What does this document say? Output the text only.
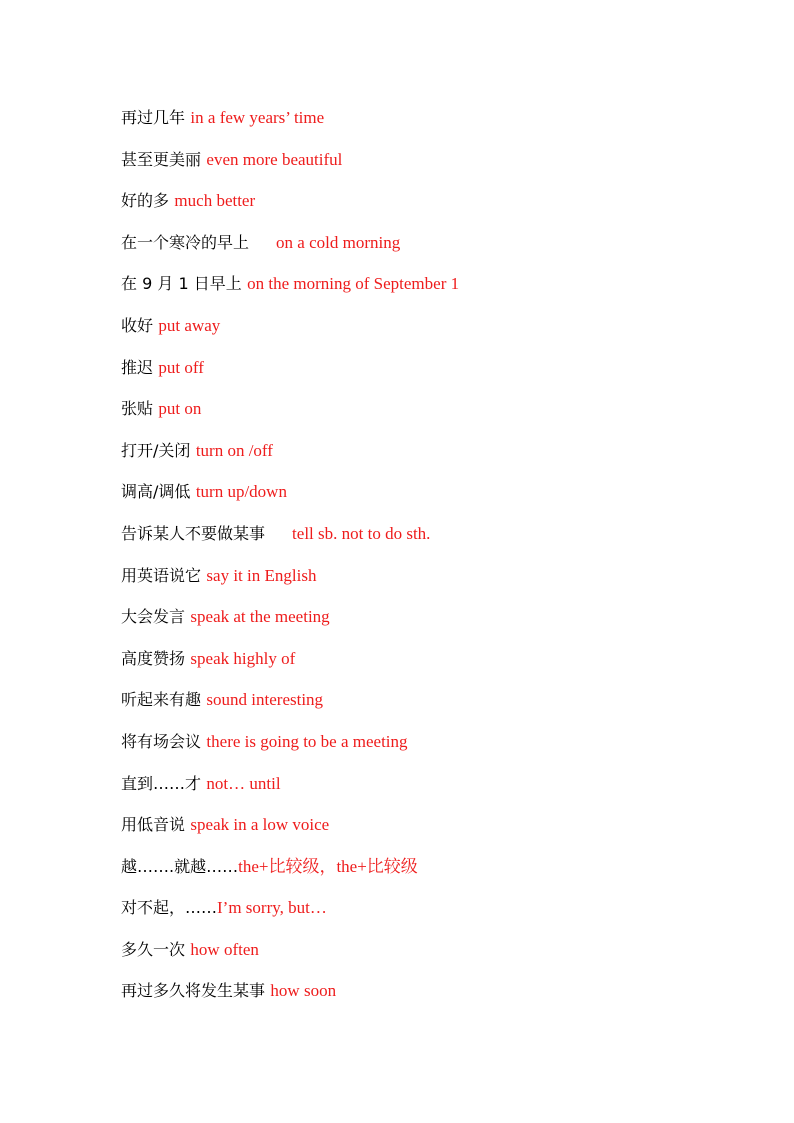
再过几年 in a few years’ time
甚至更美丽 even more beautiful
好的多 much better
在一个寒冷的早上 on a cold morning
在 9 月 1 日早上 on the morning of September 1
收好 put away
推迟 put off
张贴 put on
打开/关闭 turn on /off
调高/调低 turn up/down
告诉某人不要做某事 tell sb. not to do sth.
用英语说它 say it in English
大会发言 speak at the meeting
高度赞扬 speak highly of
听起来有趣 sound interesting
将有场会议 there is going to be a meeting
直到……才 not… until
用低音说 speak in a low voice
越…….就越……the+比较级，the+比较级
对不起，……I’m sorry, but…
多久一次 how often
再过多久将发生某事 how soon
